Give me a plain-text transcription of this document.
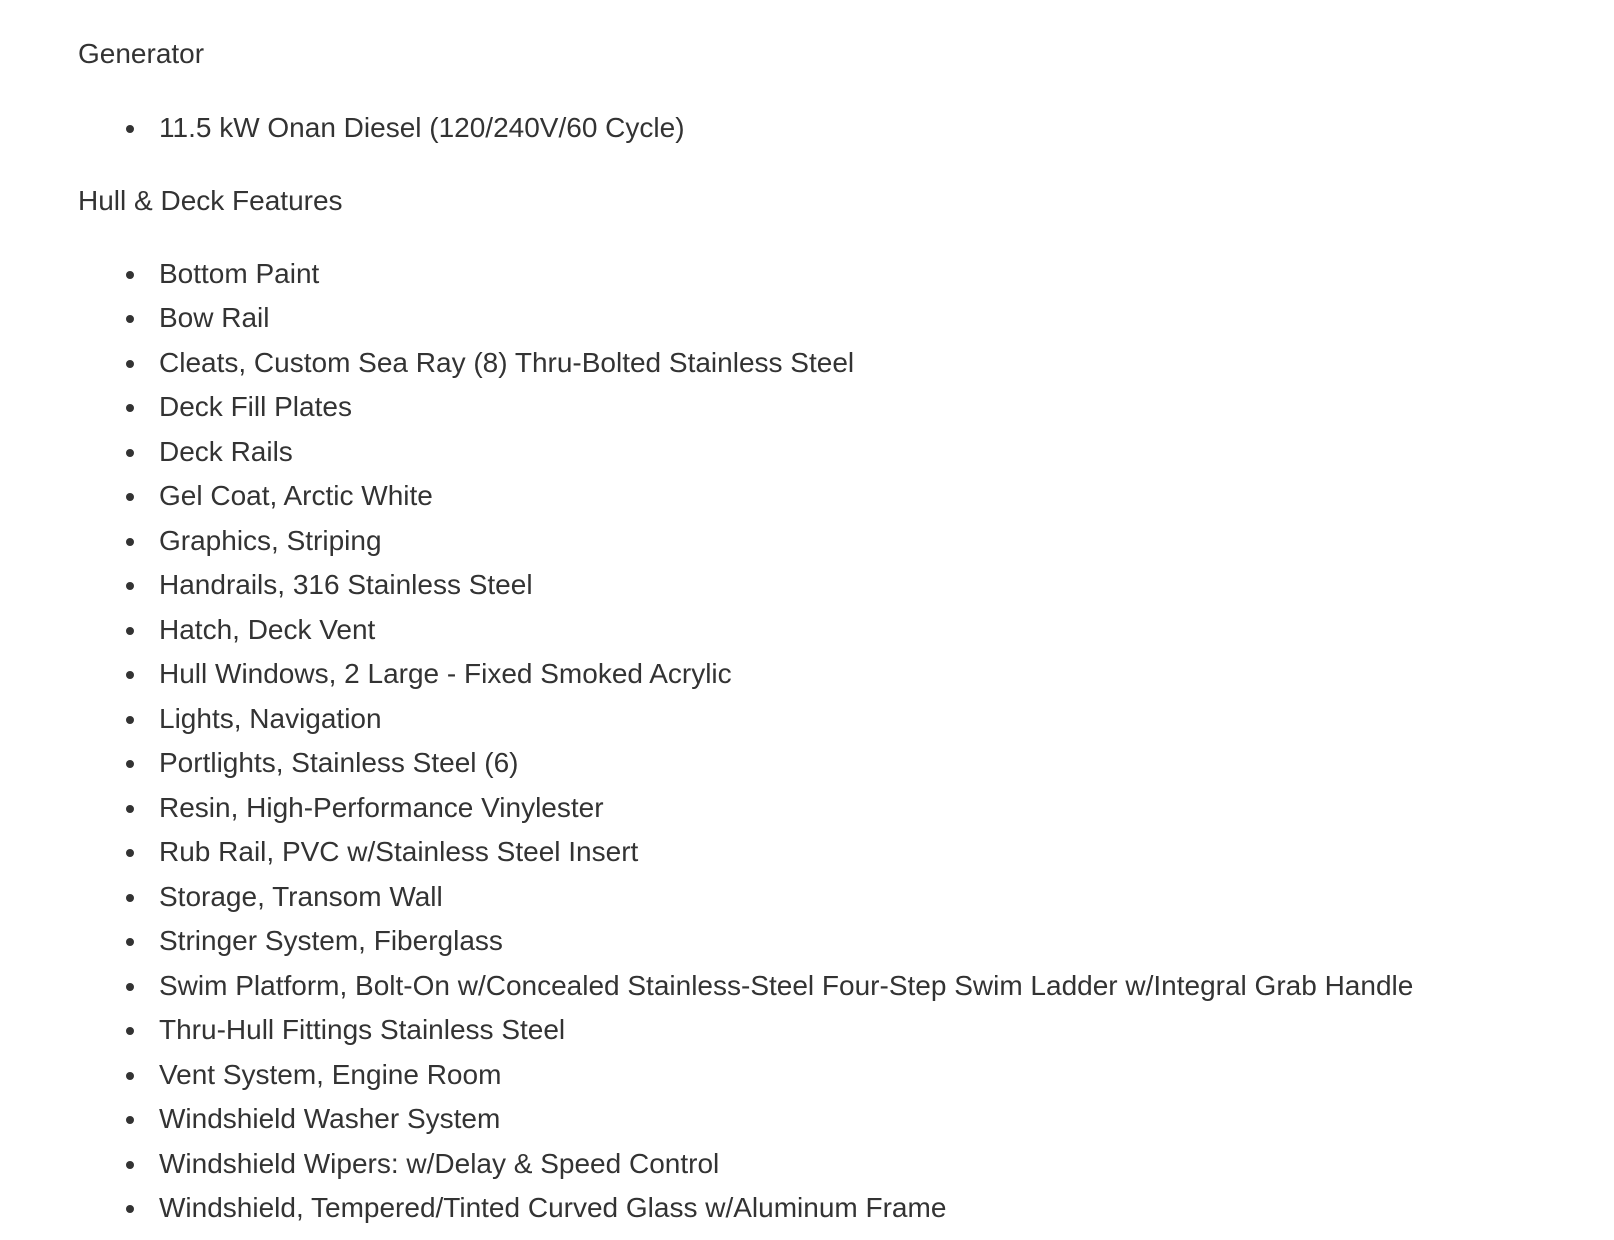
Generator

11.5 kW Onan Diesel (120/240V/60 Cycle)

Hull & Deck Features

Bottom Paint
Bow Rail
Cleats, Custom Sea Ray (8) Thru-Bolted Stainless Steel
Deck Fill Plates
Deck Rails
Gel Coat, Arctic White
Graphics, Striping
Handrails, 316 Stainless Steel
Hatch, Deck Vent
Hull Windows, 2 Large - Fixed Smoked Acrylic
Lights, Navigation
Portlights, Stainless Steel (6)
Resin, High-Performance Vinylester
Rub Rail, PVC w/Stainless Steel Insert
Storage, Transom Wall
Stringer System, Fiberglass
Swim Platform, Bolt-On w/Concealed Stainless-Steel Four-Step Swim Ladder w/Integral Grab Handle
Thru-Hull Fittings Stainless Steel
Vent System, Engine Room
Windshield Washer System
Windshield Wipers: w/Delay & Speed Control
Windshield, Tempered/Tinted Curved Glass w/Aluminum Frame
